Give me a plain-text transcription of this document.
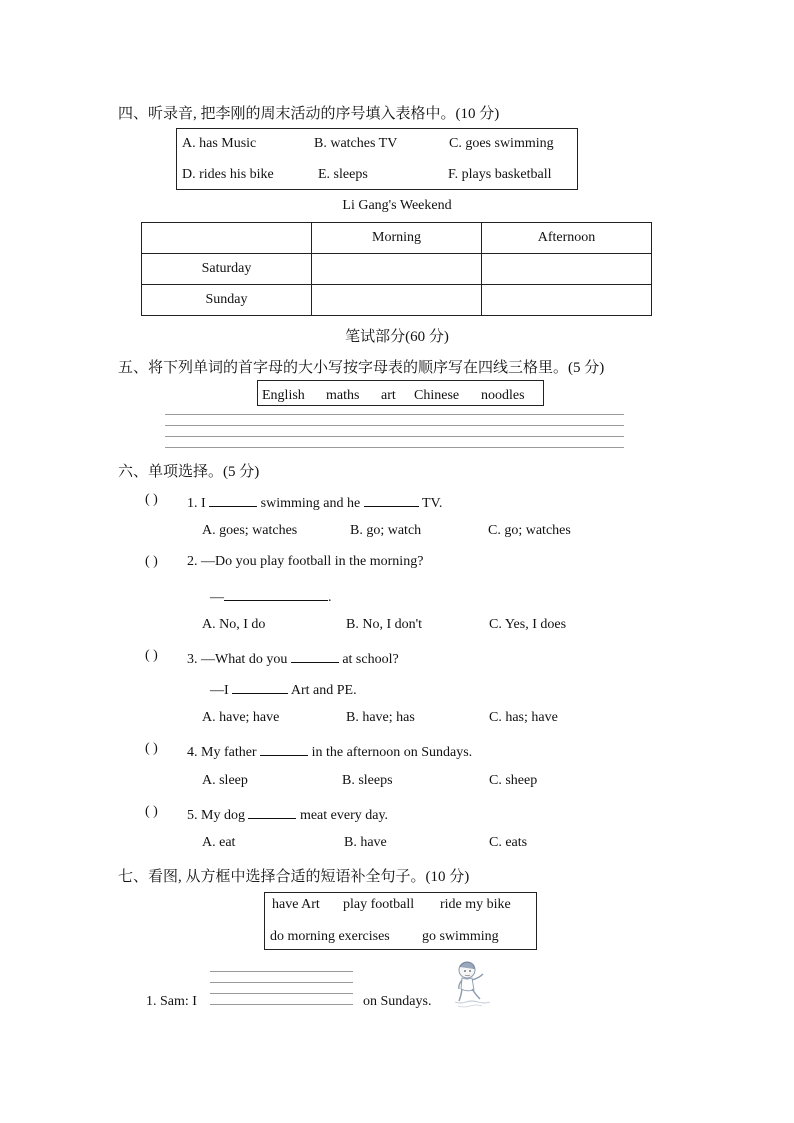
四、听录音, 把李刚的周末活动的序号填入表格中。(10 分)
A. has Music	B. watches TV	C. goes swimming
D. rides his bike	E. sleeps	F. plays basketball
Li Gang's Weekend
	Morning	Afternoon
Saturday		
Sunday		
笔试部分(60 分)
五、将下列单词的首字母的大小写按字母表的顺序写在四线三格里。(5 分)
English maths art Chinese noodles
六、单项选择。(5 分)
( ) 1. I	swimming and he	TV.
A. goes; watches	B. go; watch	C. go; watches
( ) 2. —Do you play football in the morning?
—	.
A. No, I do	B. No, I don't	C. Yes, I does
( ) 3. —What do you	at school?
—I	Art and PE.
A. have; have	B. have; has	C. has; have
( ) 4. My father	in the afternoon on Sundays.
A. sleep	B. sleeps	C. sheep
( ) 5. My dog	meat every day.
A. eat	B. have	C. eats
七、看图, 从方框中选择合适的短语补全句子。(10 分)
have Art play football ride my bike
do morning exercises go swimming
1. Sam: I	on Sundays.
